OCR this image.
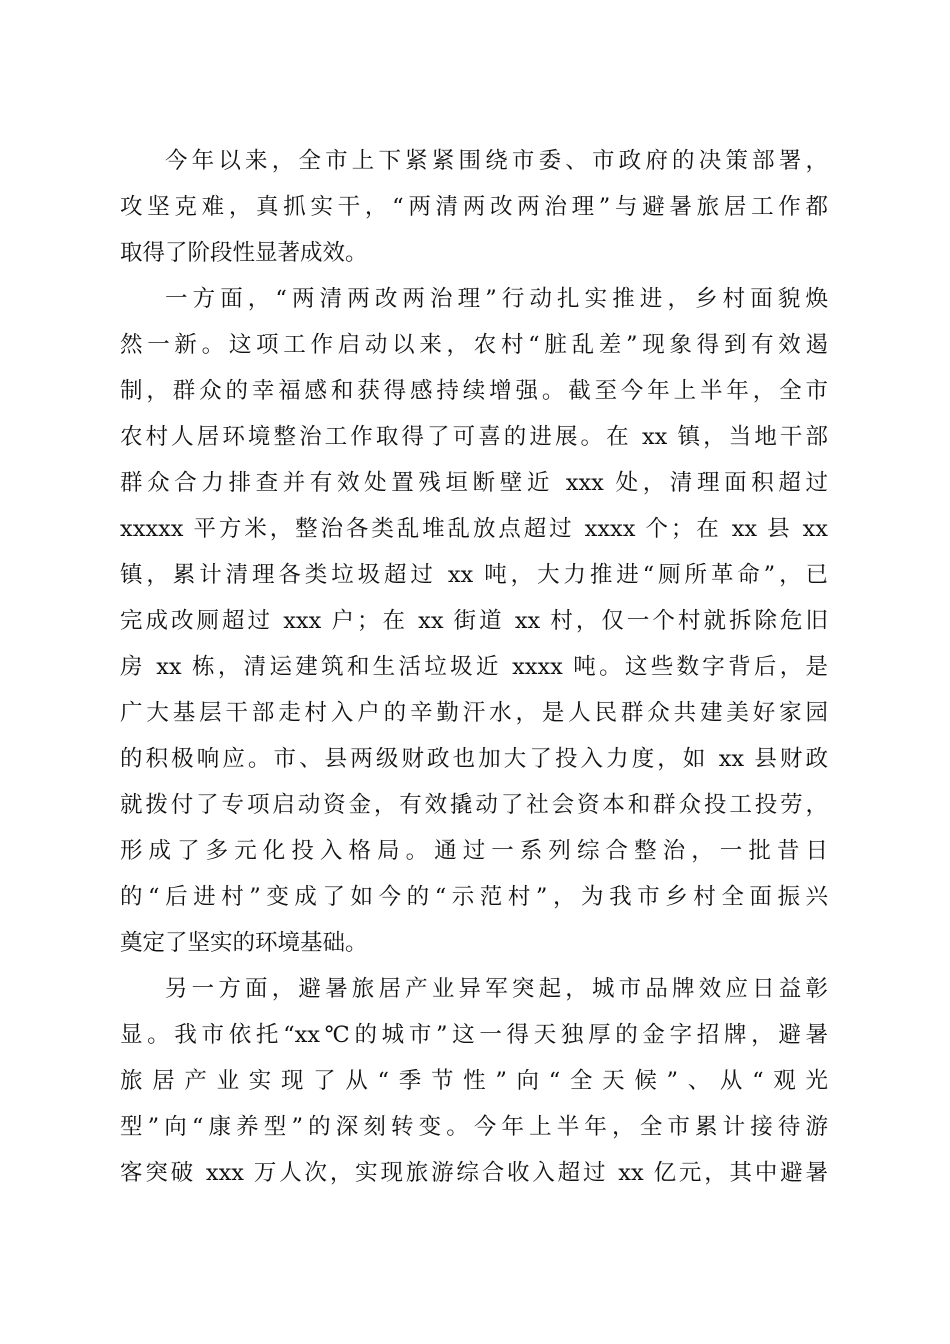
今年以来，全市上下紧紧围绕市委、市政府的决策部署，
攻坚克难，真抓实干，“两清两改两治理”与避暑旅居工作都
取得了阶段性显著成效。
一方面，“两清两改两治理”行动扎实推进，乡村面貌焕
然一新。这项工作启动以来，农村“脏乱差”现象得到有效遏
制，群众的幸福感和获得感持续增强。截至今年上半年，全市
农村人居环境整治工作取得了可喜的进展。在 xx 镇，当地干部
群众合力排查并有效处置残垣断壁近 xxx 处，清理面积超过
xxxxx 平方米，整治各类乱堆乱放点超过 xxxx 个；在 xx 县 xx
镇，累计清理各类垃圾超过 xx 吨，大力推进“厕所革命”，已
完成改厕超过 xxx 户；在 xx 街道 xx 村，仅一个村就拆除危旧
房 xx 栋，清运建筑和生活垃圾近 xxxx 吨。这些数字背后，是
广大基层干部走村入户的辛勤汗水，是人民群众共建美好家园
的积极响应。市、县两级财政也加大了投入力度，如 xx 县财政
就拨付了专项启动资金，有效撬动了社会资本和群众投工投劳，
形成了多元化投入格局。通过一系列综合整治，一批昔日
的“后进村”变成了如今的“示范村”，为我市乡村全面振兴
奠定了坚实的环境基础。
另一方面，避暑旅居产业异军突起，城市品牌效应日益彰
显。我市依托“xx℃的城市”这一得天独厚的金字招牌，避暑
旅居产业实现了从“季节性”向“全天候”、从“观光
型”向“康养型”的深刻转变。今年上半年，全市累计接待游
客突破 xxx 万人次，实现旅游综合收入超过 xx 亿元，其中避暑
